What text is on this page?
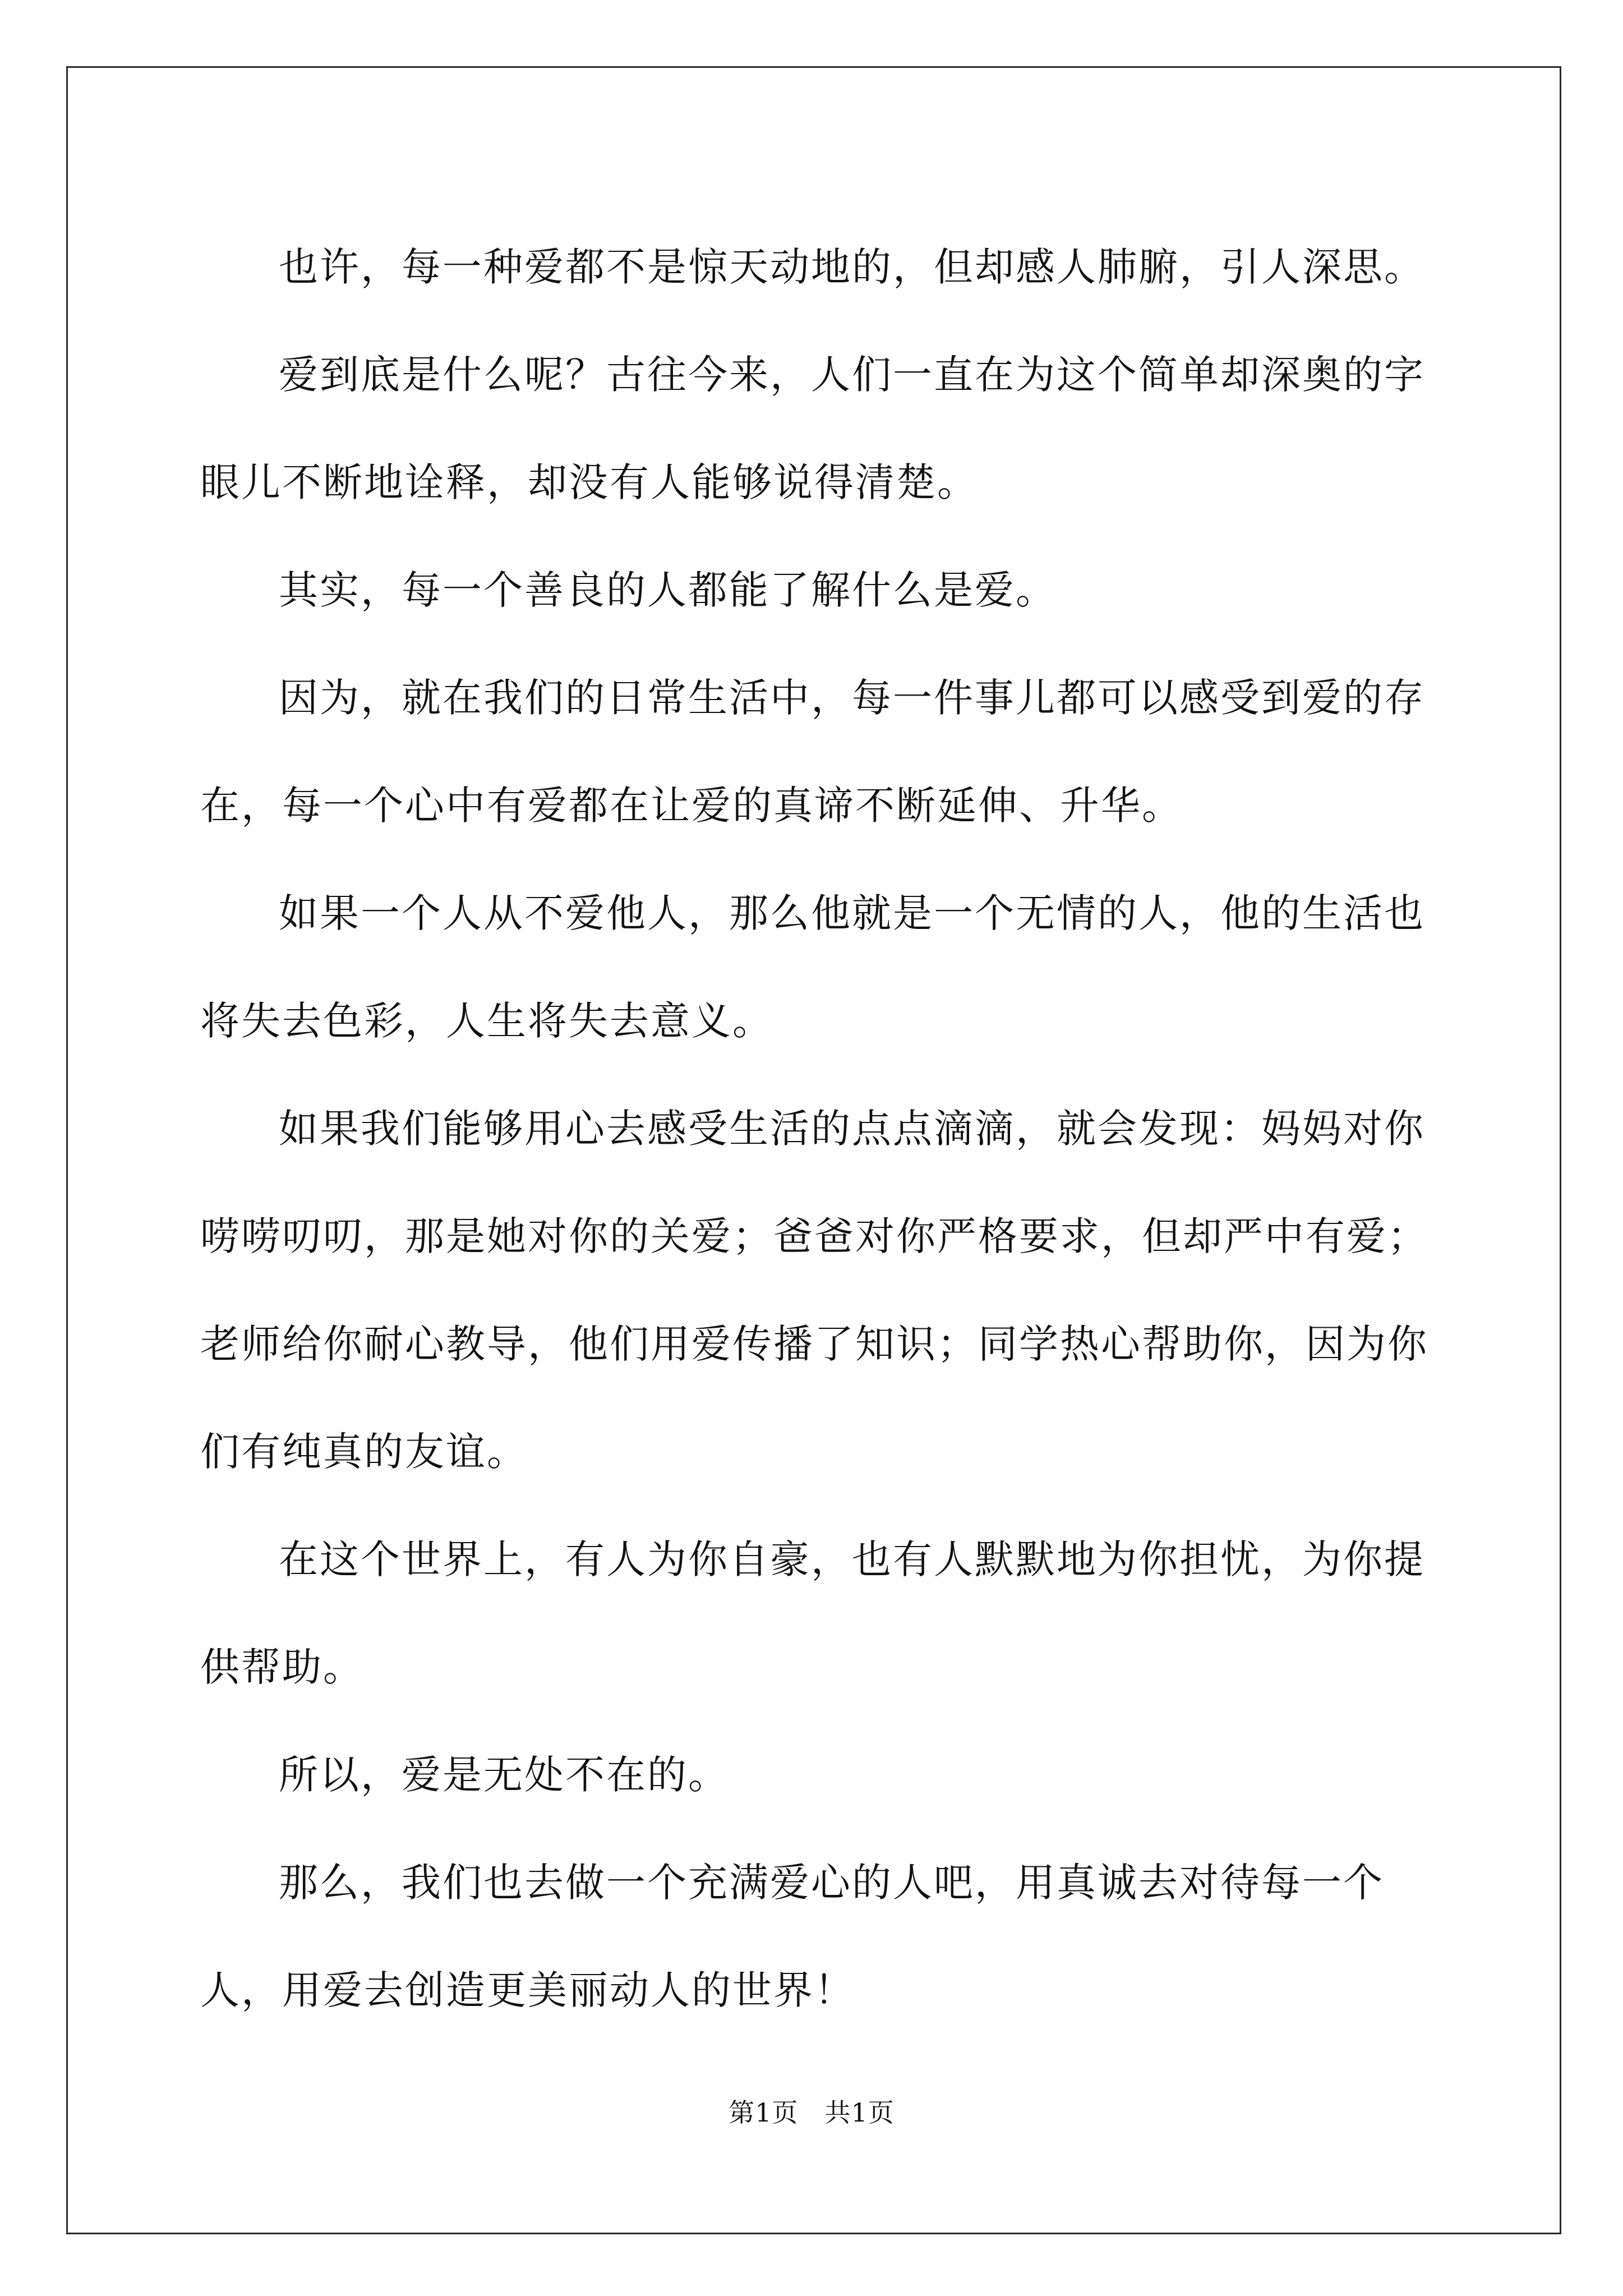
也许，每一种爱都不是惊天动地的，但却感人肺腑，引人深思。

爱到底是什么呢？古往今来，人们一直在为这个简单却深奥的字眼儿不断地诠释，却没有人能够说得清楚。

其实，每一个善良的人都能了解什么是爱。

因为，就在我们的日常生活中，每一件事儿都可以感受到爱的存在，每一个心中有爱都在让爱的真谛不断延伸、升华。

如果一个人从不爱他人，那么他就是一个无情的人，他的生活也将失去色彩，人生将失去意义。

如果我们能够用心去感受生活的点点滴滴，就会发现：妈妈对你唠唠叨叨，那是她对你的关爱；爸爸对你严格要求，但却严中有爱；老师给你耐心教导，他们用爱传播了知识；同学热心帮助你，因为你们有纯真的友谊。

在这个世界上，有人为你自豪，也有人默默地为你担忧，为你提供帮助。

所以，爱是无处不在的。

那么，我们也去做一个充满爱心的人吧，用真诚去对待每一个人，用爱去创造更美丽动人的世界！

第1页　共1页
